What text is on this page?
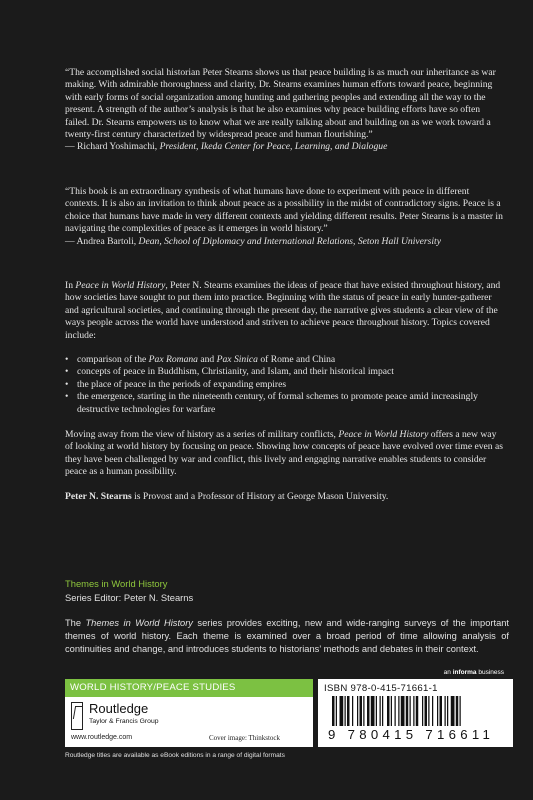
“The accomplished social historian Peter Stearns shows us that peace building is as much our inheritance as war making. With admirable thoroughness and clarity, Dr. Stearns examines human efforts toward peace, beginning with early forms of social organization among hunting and gathering peoples and extending all the way to the present. A strength of the author’s analysis is that he also examines why peace building efforts have so often failed. Dr. Stearns empowers us to know what we are really talking about and building on as we work toward a twenty-first century characterized by widespread peace and human flourishing.”

— Richard Yoshimachi, President, Ikeda Center for Peace, Learning, and Dialogue

“This book is an extraordinary synthesis of what humans have done to experiment with peace in different contexts. It is also an invitation to think about peace as a possibility in the midst of contradictory signs. Peace is a choice that humans have made in very different contexts and yielding different results. Peter Stearns is a master in navigating the complexities of peace as it emerges in world history.”

— Andrea Bartoli, Dean, School of Diplomacy and International Relations, Seton Hall University

In Peace in World History, Peter N. Stearns examines the ideas of peace that have existed throughout history, and how societies have sought to put them into practice. Beginning with the status of peace in early hunter-gatherer and agricultural societies, and continuing through the present day, the narrative gives students a clear view of the ways people across the world have understood and striven to achieve peace throughout history. Topics covered include:

• comparison of the Pax Romana and Pax Sinica of Rome and China
• concepts of peace in Buddhism, Christianity, and Islam, and their historical impact
• the place of peace in the periods of expanding empires
• the emergence, starting in the nineteenth century, of formal schemes to promote peace amid increasingly destructive technologies for warfare

Moving away from the view of history as a series of military conflicts, Peace in World History offers a new way of looking at world history by focusing on peace. Showing how concepts of peace have evolved over time even as they have been challenged by war and conflict, this lively and engaging narrative enables students to consider peace as a human possibility.

Peter N. Stearns is Provost and a Professor of History at George Mason University.

Themes in World History
Series Editor: Peter N. Stearns
The Themes in World History series provides exciting, new and wide-ranging surveys of the important themes of world history. Each theme is examined over a broad period of time allowing analysis of continuities and change, and introduces students to historians’ methods and debates in their context.
an informa business
WORLD HISTORY/PEACE STUDIES
Routledge
Taylor & Francis Group
www.routledge.com	Cover image: Thinkstock
ISBN 978-0-415-71661-1
9 780415 716611
Routledge titles are available as eBook editions in a range of digital formats
